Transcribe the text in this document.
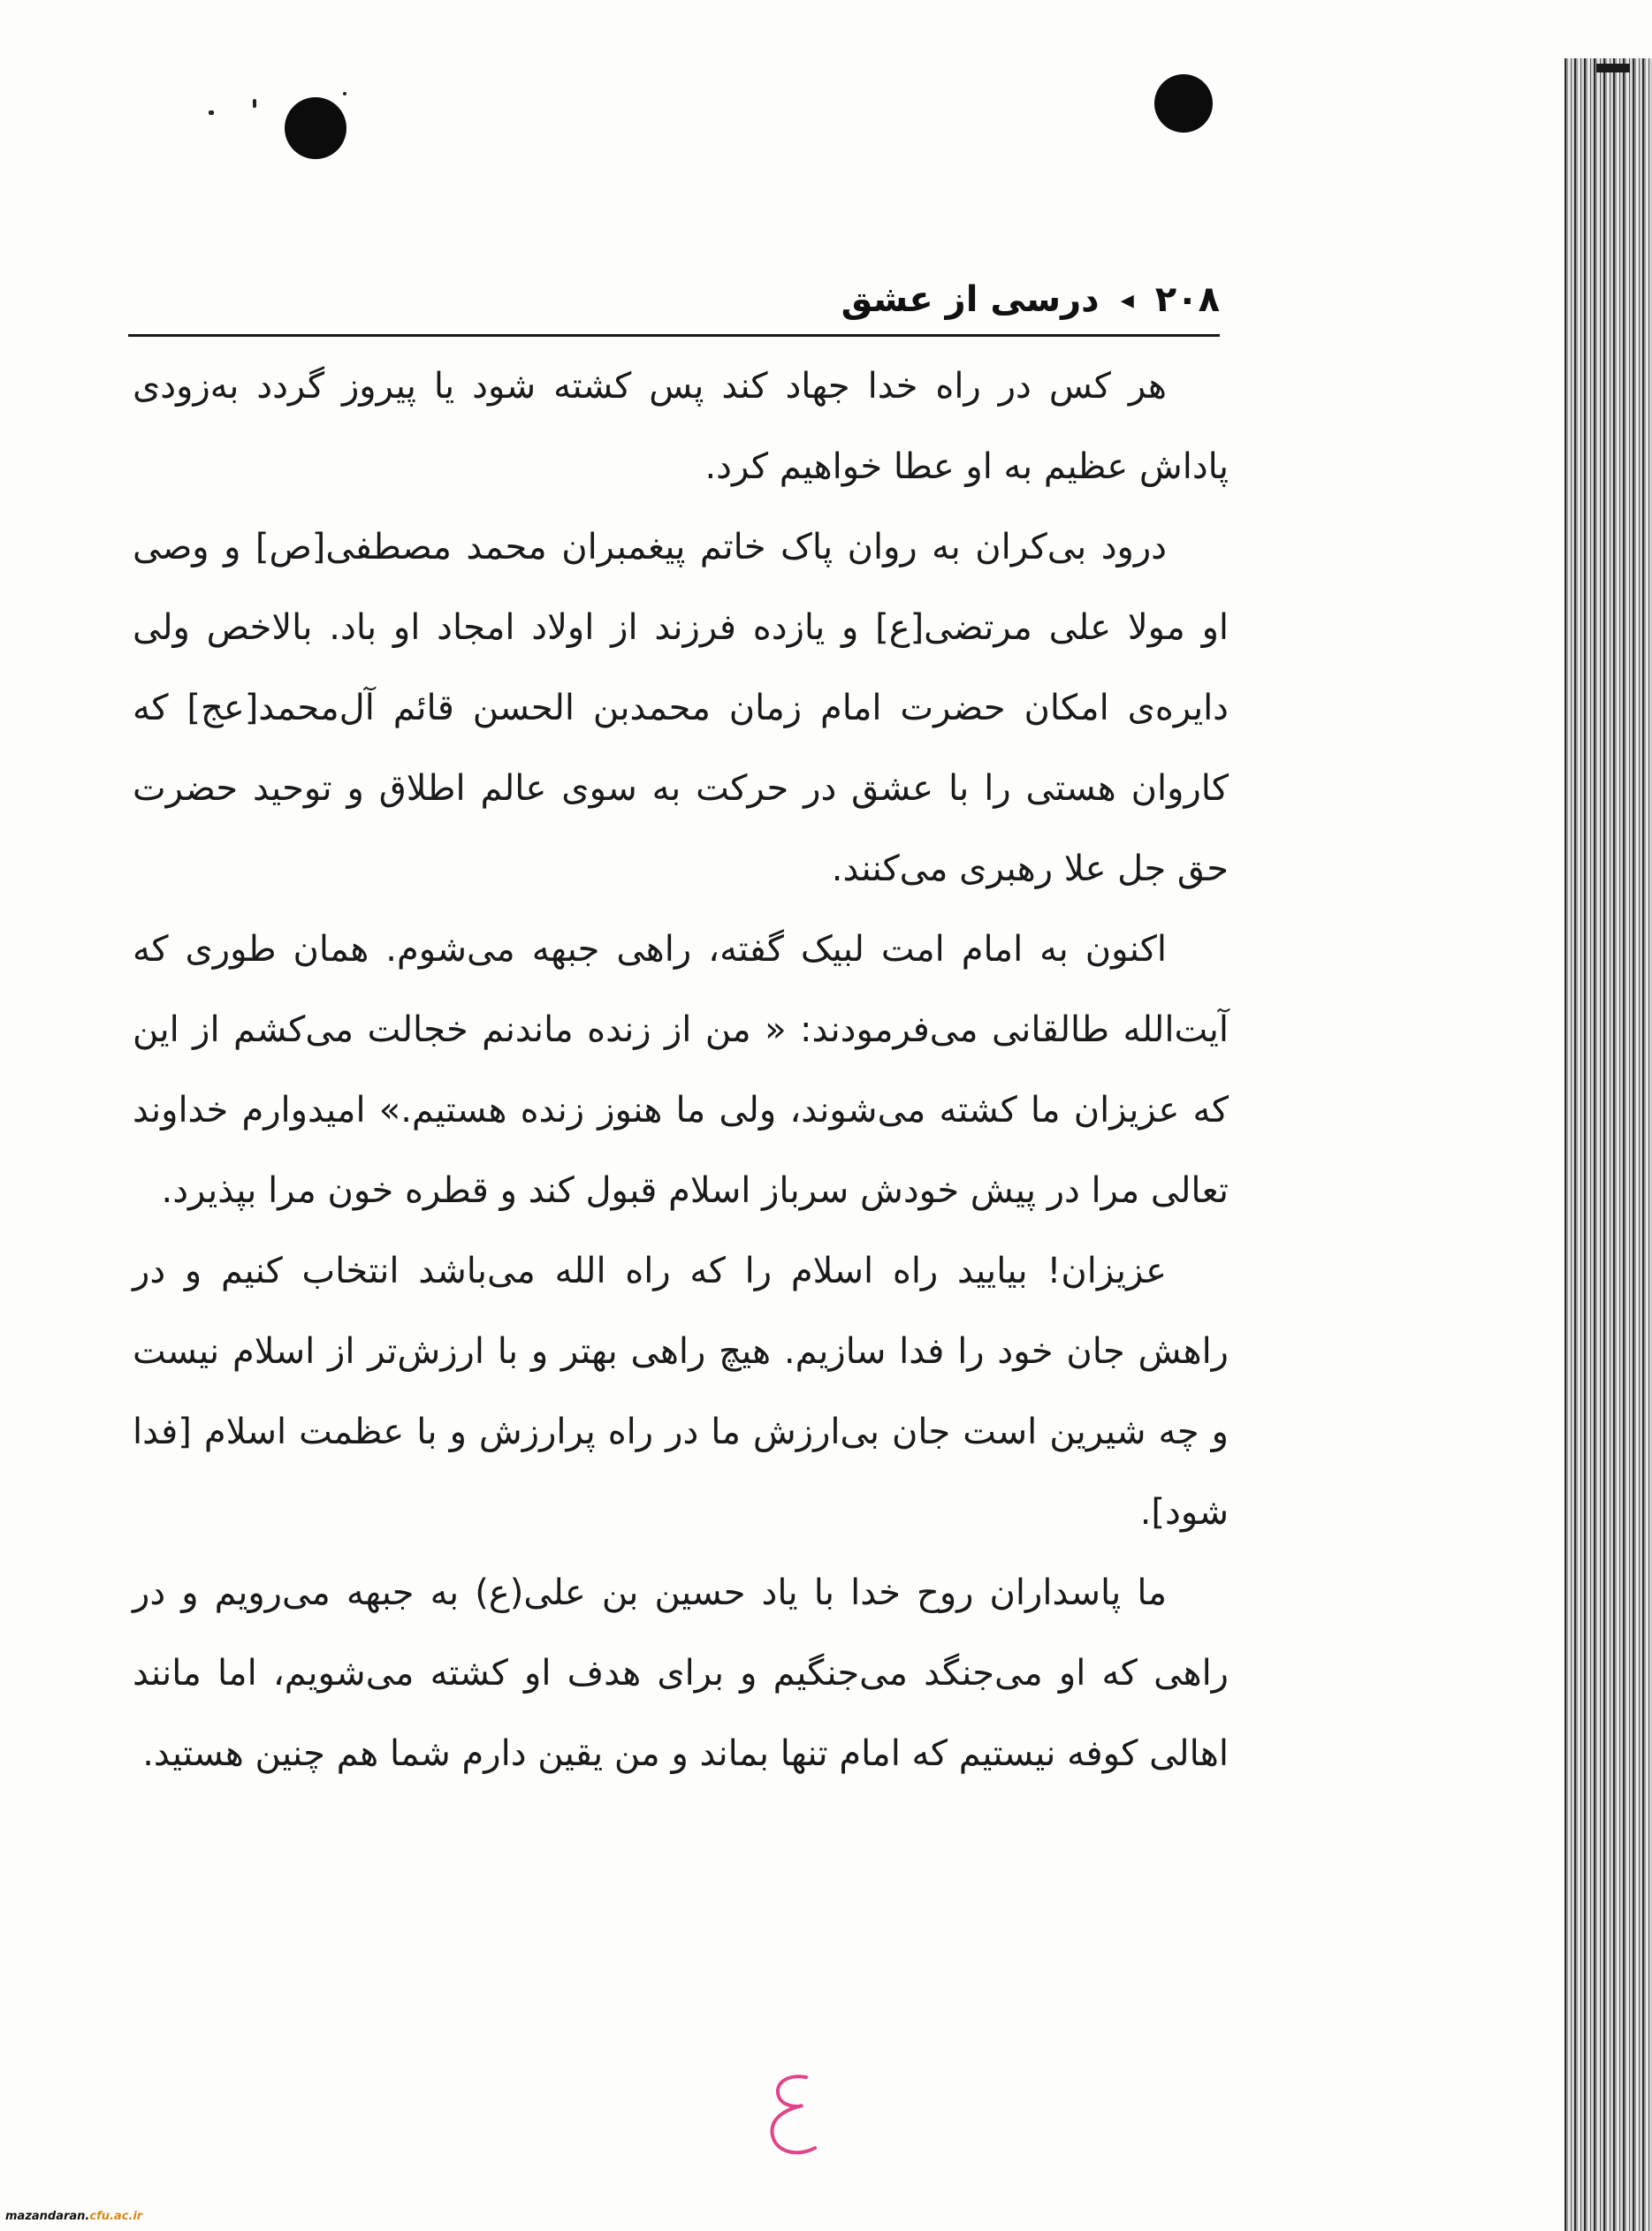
۲۰۸
◂
درسی از عشق

هر کس در راه خدا جهاد کند پس کشته شود یا پیروز گردد به‌زودی پاداش عظیم به او عطا خواهیم کرد.

درود بی‌کران به روان پاک خاتم پیغمبران محمد مصطفی[ص] و وصی او مولا علی مرتضی[ع] و یازده فرزند از اولاد امجاد او باد. بالاخص ولی دایره‌ی امکان حضرت امام زمان محمدبن الحسن قائم آل‌محمد[عج] که کاروان هستی را با عشق در حرکت به سوی عالم اطلاق و توحید حضرت حق جل علا رهبری می‌کنند.

اکنون به امام امت لبیک گفته، راهی جبهه می‌شوم. همان طوری که آیت‌الله طالقانی می‌فرمودند: « من از زنده ماندنم خجالت می‌کشم از این که عزیزان ما کشته می‌شوند، ولی ما هنوز زنده هستیم.» امیدوارم خداوند تعالی مرا در پیش خودش سرباز اسلام قبول کند و قطره خون مرا بپذیرد.

عزیزان! بیایید راه اسلام را که راه الله می‌باشد انتخاب کنیم و در راهش جان خود را فدا سازیم. هیچ راهی بهتر و با ارزش‌تر از اسلام نیست و چه شیرین است جان بی‌ارزش ما در راه پرارزش و با عظمت اسلام [فدا شود].

ما پاسداران روح خدا با یاد حسین بن علی(ع) به جبهه می‌رویم و در راهی که او می‌جنگد می‌جنگیم و برای هدف او کشته می‌شویم، اما مانند اهالی کوفه نیستیم که امام تنها بماند و من یقین دارم شما هم چنین هستید.

mazandaran.cfu.ac.ir
